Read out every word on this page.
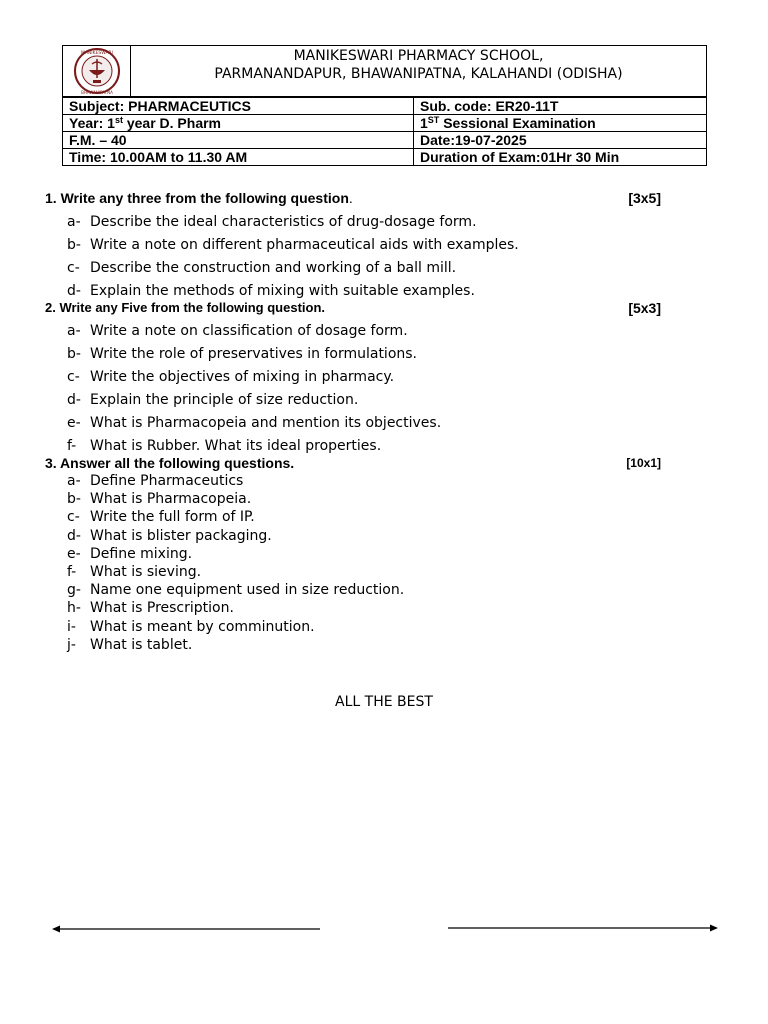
MANIKESWARI
BHAWANIPATNA
MANIKESWARI PHARMACY SCHOOL,
PARMANANDAPUR, BHAWANIPATNA, KALAHANDI (ODISHA)
Subject: PHARMACEUTICS	Sub. code: ER20-11T
Year: 1st year D. Pharm	1ST Sessional Examination
F.M. – 40	Date:19-07-2025
Time: 10.00AM to 11.30 AM	Duration of Exam:01Hr 30 Min
1. Write any three from the following question.	[3x5]
a- Describe the ideal characteristics of drug-dosage form.
b- Write a note on different pharmaceutical aids with examples.
c- Describe the construction and working of a ball mill.
d- Explain the methods of mixing with suitable examples.
2. Write any Five from the following question.	[5x3]
a- Write a note on classification of dosage form.
b- Write the role of preservatives in formulations.
c- Write the objectives of mixing in pharmacy.
d- Explain the principle of size reduction.
e- What is Pharmacopeia and mention its objectives.
f- What is Rubber. What its ideal properties.
3. Answer all the following questions.	[10x1]
a- Define Pharmaceutics
b- What is Pharmacopeia.
c- Write the full form of IP.
d- What is blister packaging.
e- Define mixing.
f- What is sieving.
g- Name one equipment used in size reduction.
h- What is Prescription.
i- What is meant by comminution.
j- What is tablet.
ALL THE BEST
